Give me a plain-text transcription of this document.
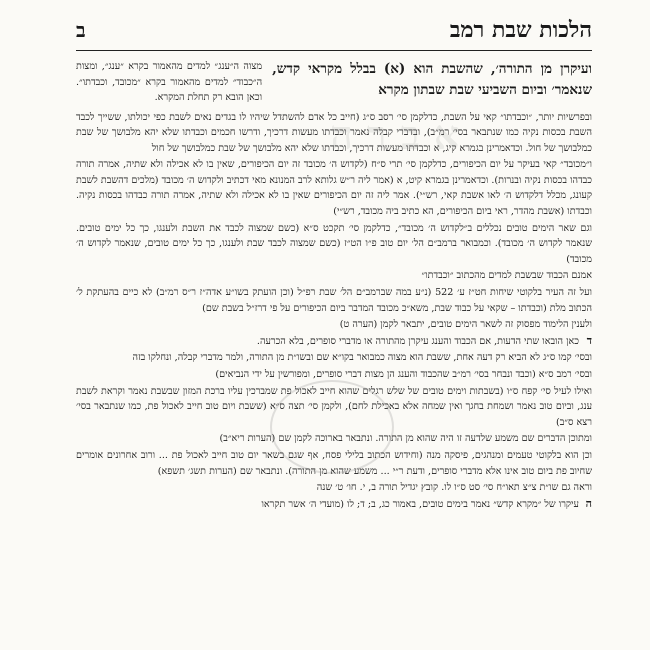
א ב ר ה
הלכות שבת רמב
ב
ועיקרן מן התורה׳, שהשבת הוא (א) בבלל מקראי קדש, שנאמר׳ וביום השביעי שבת שבתון מקרא
מצוה ה״ענג״ למדים מהאמור בקרא ״ענג״, ומצות ה״כבוד״ למדים מהאמור בקרא ״מכובד, וכבדתו״. וכאן הובא רק תחלת המקרא.

ובפרשיות יותר, ״וכבדתו״ קאי על השבת, כדלקמן סי׳ רסב ס״ג (חייב כל אדם להשתדל שיהיו לו בגדים נאים לשבת כפי יכולתו, ששייך לכבד השבת בכסות נקיה כמו שנתבאר בסי׳ רמ״ב), ובדברי קבלה נאמר וכבדתו מעשות דרכיך, ודרשו חכמים וכבדתו שלא יהא מלבושך של שבת כמלבושך של חול. וכדאמרינן בגמרא קיג, א וכבדתו מעשות דרכיך, וכבדתו שלא יהא מלבושך של שבת כמלבושך של חול

ו״מכובד״ קאי בעיקר על יום הכיפורים, כדלקמן סי׳ תרי ס״ח (לקדוש ה׳ מכובד זה יום הכיפורים, שאין בו לא אכילה ולא שתיה, אמרה תורה כבדהו בכסות נקיה ובנרות). וכדאמרינן בגמרא קיט, א (אמר ליה ר״ש גלותא לרב המנונא מאי דכתיב ולקדוש ה׳ מכובד (מלכים דהשבת לשבת קעונג, מכלל דלקדוש ה׳ לאו אשבת קאי, רש״י). אמר ליה זה יום הכיפורים שאין בו לא אכילה ולא שתיה, אמרה תורה כבדהו בכסות נקיה. וכבדתו (אשבת מהדר, ראי ביום הכיפורים, הא כתיב ביה מכובד, רש״י)

וגם שאר הימים טובים נכללים ב״לקדוש ה׳ מכובד״, כדלקמן סי׳ תקכט ס״א (כשם שמצוה לכבד את השבת ולענגו, כך כל ימים טובים. שנאמר לקדוש ה׳ מכובד). וכמבואר ברמב״ם הל׳ יום טוב פ״ו הט״ז (כשם שמצוה לכבד שבת ולענגו, כך כל ימים טובים, שנאמר לקדוש ה׳ מכובד)

אמנם הכבוד שבשבת למדים מהכתוב ״וכבדתו״

ועל זה העיר בלקוטי שיחות חט״ז ע׳ 522 (נ״ע במה שברמב״ם הל׳ שבת רפ״ל (וכן הועתק בשו״ע אדה״ז ר״ס רמ״ב) לא כיים בהעתקת ל׳ הכתוב מלת (וכבדתו – שקאי על כבוד שבת, משא״כ מכובד המדבר ביום הכיפורים על פי דרז״ל בשבת שם)

ולענין הלימוד מפסוק זה לשאר הימים טובים, יתבאר לקמן (הערה ט)

ד

כאן הובאו שתי הדעות, אם הכבוד והענג עיקרן מהתורה או מדברי סופרים, בלא הכרעה.

ובסי׳ קמו ס״ג לא הביא רק דעה אחת, ששבת הוא מצוה כמבואר בקו״א שם ובשו״ת מן התורה, ולמר מדברי קבלה, ונחלקו בזה

ובסי׳ רמב ס״א (וכבד ונבחר בסי׳ רמ״ב שהכבוד והענג הן מצות דברי סופרים, ומפורשין על ידי הנביאים)

ואילו לעיל סי׳ קפח ס״ו (בשבתות וימים טובים של שלש רגלים שהוא חייב לאכול פת שמברכין עליו ברכת המזון שבשבת נאמר וקראת לשבת ענג, וביום טוב נאמר ושמחת בחגך ואין שמחה אלא באכילת לחם), ולקמן סי׳ תצה ס״א (ששבת ויום טוב חייב לאכול פת, כמו שנתבאר בסי׳ רצא ס״ב)

ומתוכן הדברים שם משמע שלדעה זו היה שהוא מן התורה. ונתבאר בארוכה לקמן שם (הערות ריא״ב)

וכן הוא בלקוטי טעמים ומנהגים, פיסקה מנה (וחידוש הכתוב בלילי פסח, אף שגם בשאר יום טוב חייב לאכול פת ... ורוב אחרונים אומרים שחיוב פת ביום טוב אינו אלא מדברי סופרים, ודעת ר״י ... משמע שהוא מן התורה). ונתבאר שם (הערות תשג׳ תשפא)

וראה גם שו״ת צ״צ תאו״ח סי׳ סט ס״ו לו. קובץ יגדיל תורה ב, י. חו׳ ט׳ שנה

ה

עיקרו של ״מקרא קדש״ נאמר בימים טובים, באמור כג, ב; ד; לו (מועדי ה׳ אשר תקראו
